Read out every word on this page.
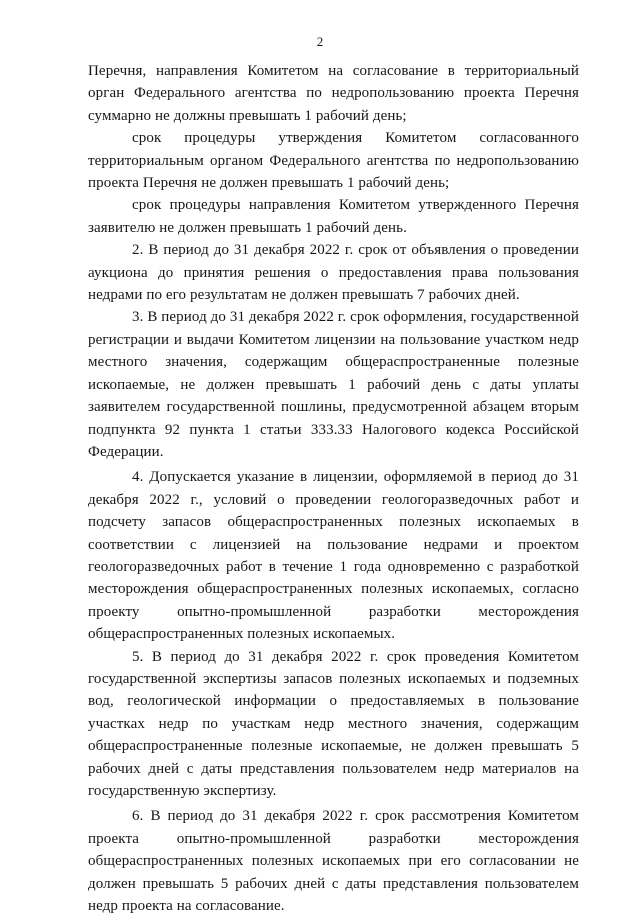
2

Перечня, направления Комитетом на согласование в территориальный орган Федерального агентства по недропользованию проекта Перечня суммарно не должны превышать 1 рабочий день;

срок процедуры утверждения Комитетом согласованного территориальным органом Федерального агентства по недропользованию проекта Перечня не должен превышать 1 рабочий день;

срок процедуры направления Комитетом утвержденного Перечня заявителю не должен превышать 1 рабочий день.

2. В период до 31 декабря 2022 г. срок от объявления о проведении аукциона до принятия решения о предоставления права пользования недрами по его результатам не должен превышать 7 рабочих дней.

3. В период до 31 декабря 2022 г. срок оформления, государственной регистрации и выдачи Комитетом лицензии на пользование участком недр местного значения, содержащим общераспространенные полезные ископаемые, не должен превышать 1 рабочий день с даты уплаты заявителем государственной пошлины, предусмотренной абзацем вторым подпункта 92 пункта 1 статьи 333.33 Налогового кодекса Российской Федерации.

4. Допускается указание в лицензии, оформляемой в период до 31 декабря 2022 г., условий о проведении геологоразведочных работ и подсчету запасов общераспространенных полезных ископаемых в соответствии с лицензией на пользование недрами и проектом геологоразведочных работ в течение 1 года одновременно с разработкой месторождения общераспространенных полезных ископаемых, согласно проекту опытно-промышленной разработки месторождения общераспространенных полезных ископаемых.

5. В период до 31 декабря 2022 г. срок проведения Комитетом государственной экспертизы запасов полезных ископаемых и подземных вод, геологической информации о предоставляемых в пользование участках недр по участкам недр местного значения, содержащим общераспространенные полезные ископаемые, не должен превышать 5 рабочих дней с даты представления пользователем недр материалов на государственную экспертизу.

6. В период до 31 декабря 2022 г. срок рассмотрения Комитетом проекта опытно-промышленной разработки месторождения общераспространенных полезных ископаемых при его согласовании не должен превышать 5 рабочих дней с даты представления пользователем недр проекта на согласование.
